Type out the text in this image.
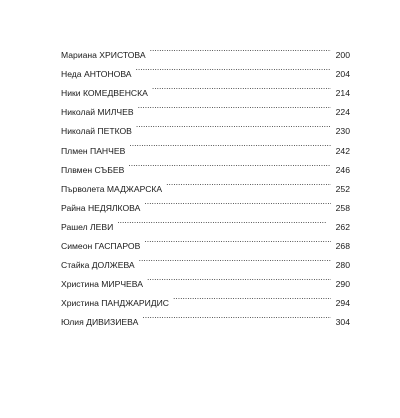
Мариана ХРИСТОВА . . .	200
Неда АНТОНОВА . . .	204
Ники КОМЕДВЕНСКА . . .	214
Николай МИЛЧЕВ . . .	224
Николай ПЕТКОВ . . .	230
Плмен ПАНЧЕВ . . .	242
Плвмен СЪБЕВ . . .	246
Първолета МАДЖАРСКА . . .	252
Райна НЕДЯЛКОВА . . .	258
Рашел ЛЕВИ . . .	262
Симеон ГАСПАРОВ . . .	268
Стайка ДОЛЖЕВА . . .	280
Христина МИРЧЕВА . . .	290
Христина ПАНДЖАРИДИС . . .	294
Юлия ДИВИЗИЕВА . . .	304
